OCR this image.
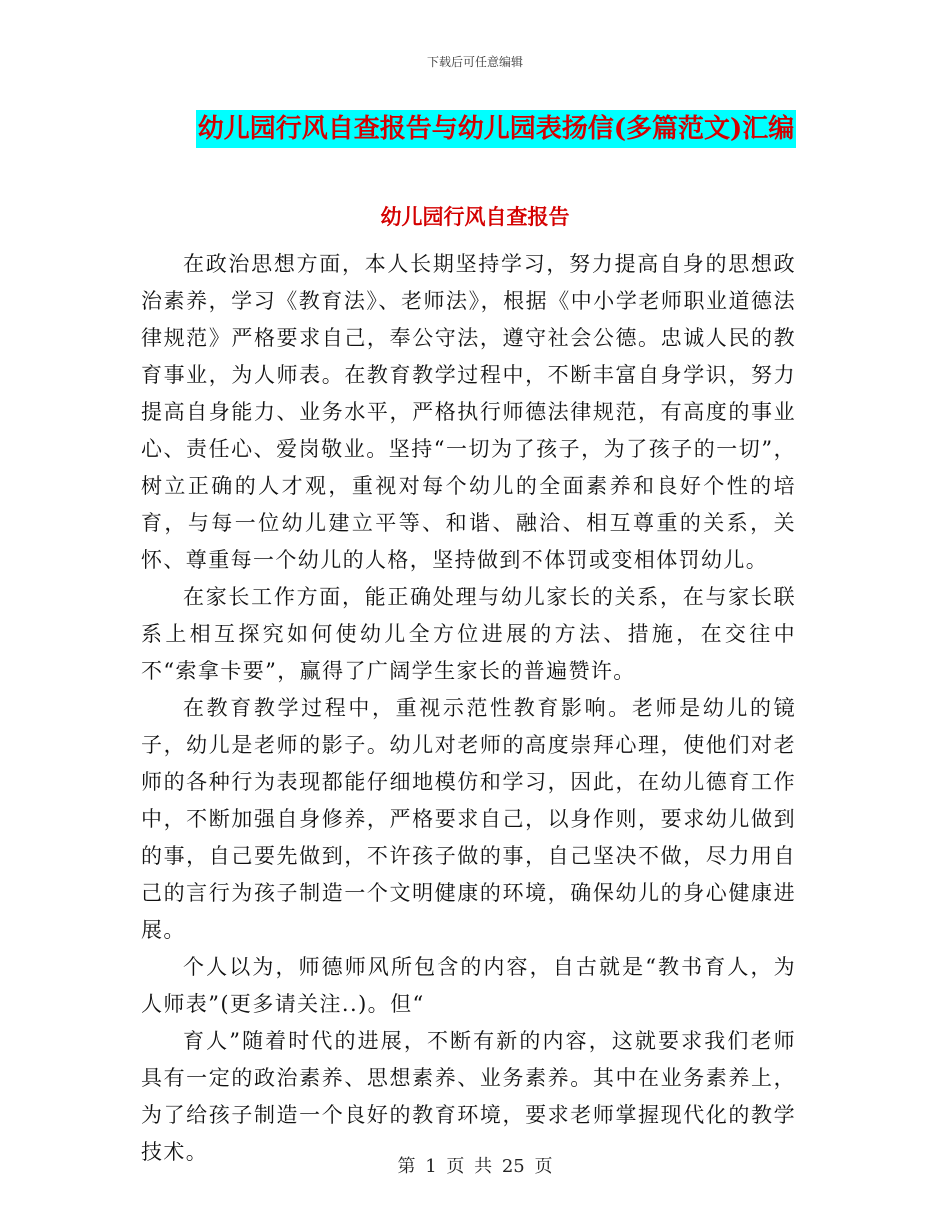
下载后可任意编辑
幼儿园行风自查报告与幼儿园表扬信(多篇范文)汇编
幼儿园行风自查报告

在政治思想方面，本人长期坚持学习，努力提高自身的思想政治素养，学习《教育法》、老师法》，根据《中小学老师职业道德法律规范》严格要求自己，奉公守法，遵守社会公德。忠诚人民的教育事业，为人师表。在教育教学过程中，不断丰富自身学识，努力提高自身能力、业务水平，严格执行师德法律规范，有高度的事业心、责任心、爱岗敬业。坚持“一切为了孩子，为了孩子的一切”，树立正确的人才观，重视对每个幼儿的全面素养和良好个性的培育，与每一位幼儿建立平等、和谐、融洽、相互尊重的关系，关怀、尊重每一个幼儿的人格，坚持做到不体罚或变相体罚幼儿。

在家长工作方面，能正确处理与幼儿家长的关系，在与家长联系上相互探究如何使幼儿全方位进展的方法、措施，在交往中不“索拿卡要”，赢得了广阔学生家长的普遍赞许。

在教育教学过程中，重视示范性教育影响。老师是幼儿的镜子，幼儿是老师的影子。幼儿对老师的高度崇拜心理，使他们对老师的各种行为表现都能仔细地模仿和学习，因此，在幼儿德育工作中，不断加强自身修养，严格要求自己，以身作则，要求幼儿做到的事，自己要先做到，不许孩子做的事，自己坚决不做，尽力用自己的言行为孩子制造一个文明健康的环境，确保幼儿的身心健康进展。

个人以为，师德师风所包含的内容，自古就是“教书育人，为人师表”(更多请关注..)。但“

育人”随着时代的进展，不断有新的内容，这就要求我们老师具有一定的政治素养、思想素养、业务素养。其中在业务素养上，为了给孩子制造一个良好的教育环境，要求老师掌握现代化的教学技术。

第 1 页 共 25 页
